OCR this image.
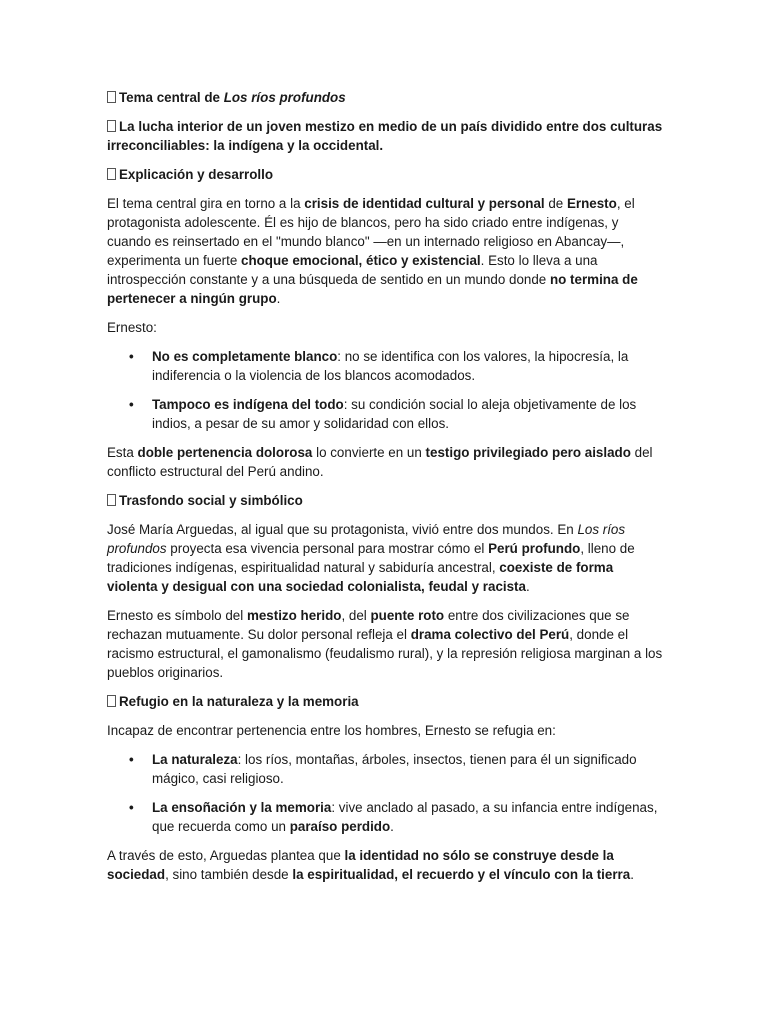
Tema central de Los ríos profundos

La lucha interior de un joven mestizo en medio de un país dividido entre dos culturas irreconciliables: la indígena y la occidental.

Explicación y desarrollo

El tema central gira en torno a la crisis de identidad cultural y personal de Ernesto, el protagonista adolescente. Él es hijo de blancos, pero ha sido criado entre indígenas, y cuando es reinsertado en el "mundo blanco" —en un internado religioso en Abancay—, experimenta un fuerte choque emocional, ético y existencial. Esto lo lleva a una introspección constante y a una búsqueda de sentido en un mundo donde no termina de pertenecer a ningún grupo.

Ernesto:

• No es completamente blanco: no se identifica con los valores, la hipocresía, la indiferencia o la violencia de los blancos acomodados.
• Tampoco es indígena del todo: su condición social lo aleja objetivamente de los indios, a pesar de su amor y solidaridad con ellos.

Esta doble pertenencia dolorosa lo convierte en un testigo privilegiado pero aislado del conflicto estructural del Perú andino.

Trasfondo social y simbólico

José María Arguedas, al igual que su protagonista, vivió entre dos mundos. En Los ríos profundos proyecta esa vivencia personal para mostrar cómo el Perú profundo, lleno de tradiciones indígenas, espiritualidad natural y sabiduría ancestral, coexiste de forma violenta y desigual con una sociedad colonialista, feudal y racista.

Ernesto es símbolo del mestizo herido, del puente roto entre dos civilizaciones que se rechazan mutuamente. Su dolor personal refleja el drama colectivo del Perú, donde el racismo estructural, el gamonalismo (feudalismo rural), y la represión religiosa marginan a los pueblos originarios.

Refugio en la naturaleza y la memoria

Incapaz de encontrar pertenencia entre los hombres, Ernesto se refugia en:

• La naturaleza: los ríos, montañas, árboles, insectos, tienen para él un significado mágico, casi religioso.
• La ensoñación y la memoria: vive anclado al pasado, a su infancia entre indígenas, que recuerda como un paraíso perdido.

A través de esto, Arguedas plantea que la identidad no sólo se construye desde la sociedad, sino también desde la espiritualidad, el recuerdo y el vínculo con la tierra.
